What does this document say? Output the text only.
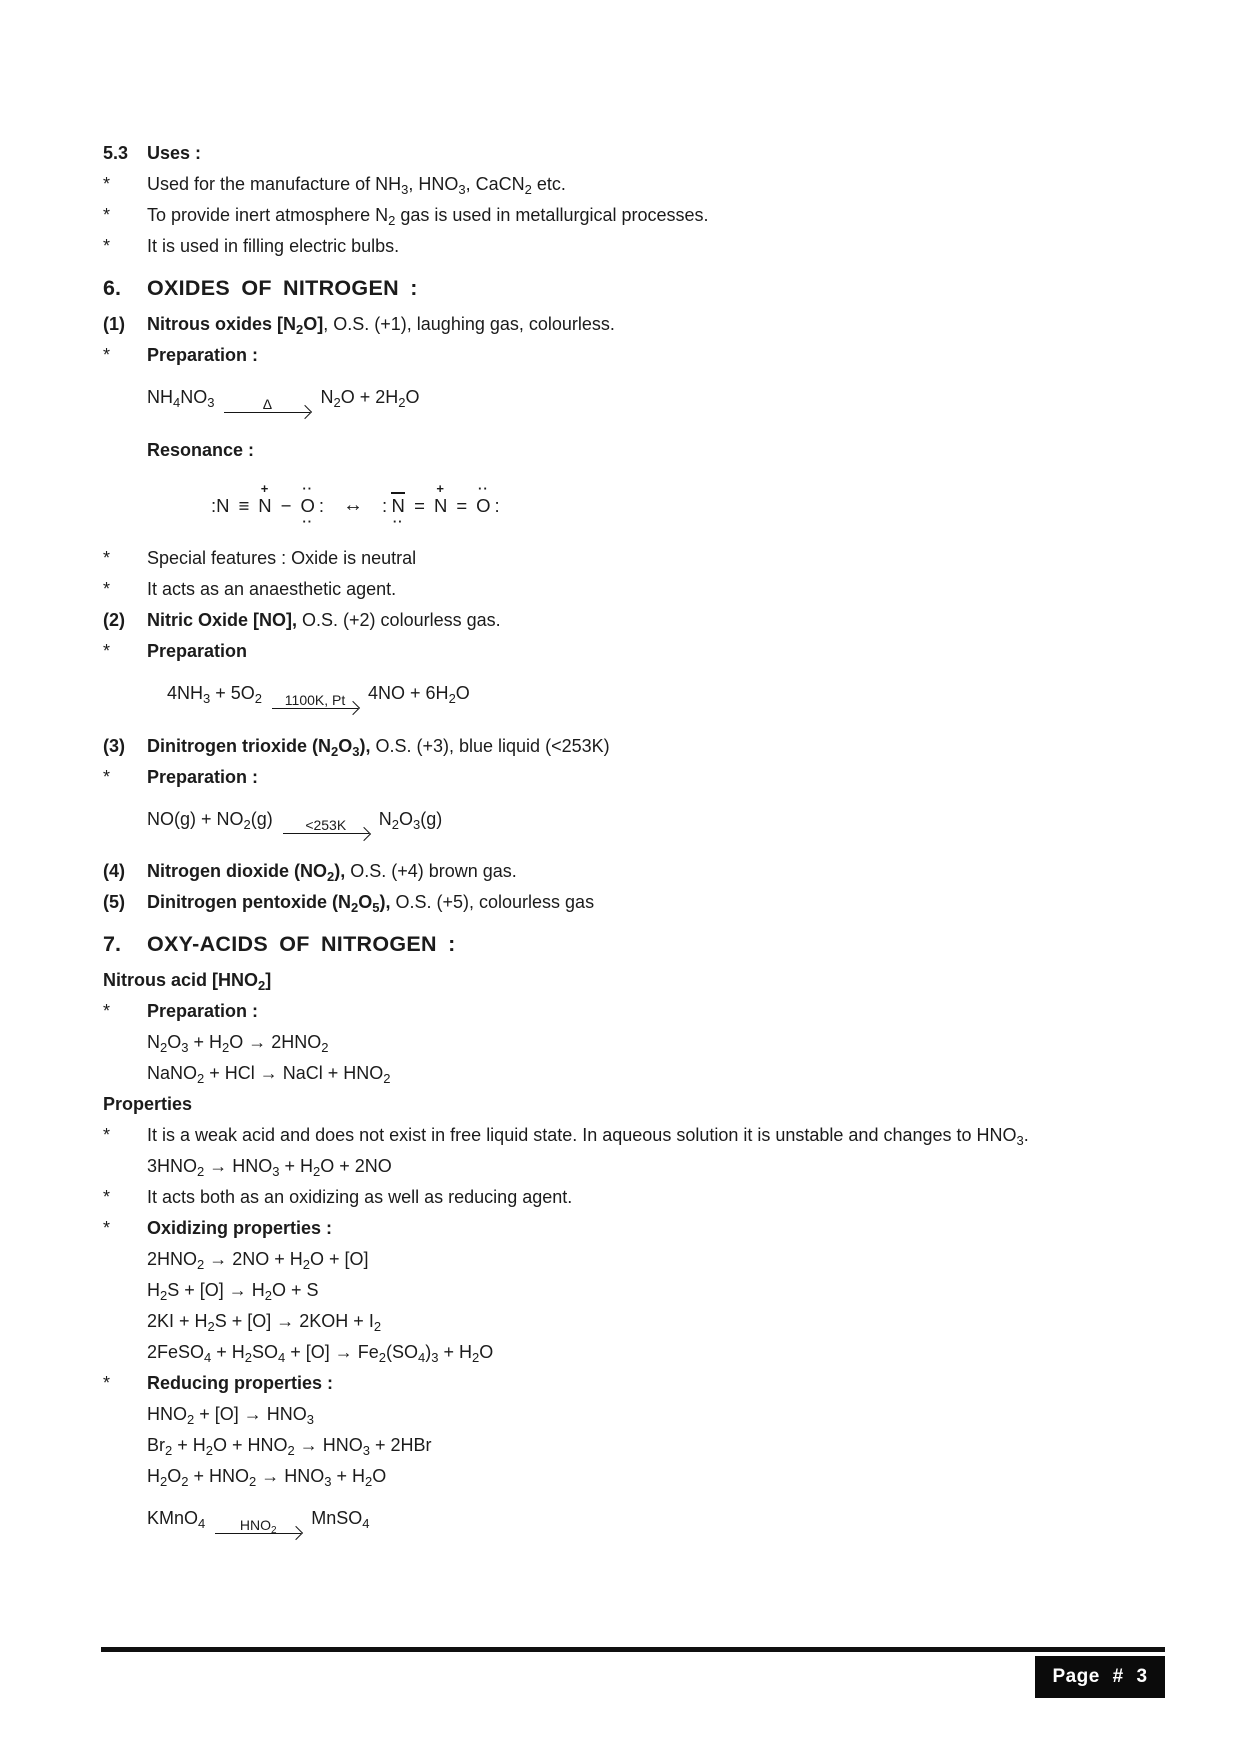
5.3	Uses :
*	Used for the manufacture of $NH_3$, $HNO_3$, CaCN$_2$ etc.
*	To provide inert atmosphere $N_2$ gas is used in metallurgical processes.
*	It is used in filling electric bulbs.
6.	OXIDES OF NITROGEN :
(1)	Nitrous oxides $[N_2O]$, O.S. (+1), laughing gas, colourless.
*	Preparation :
$NH_4NO_3$	Δ	$N_2O + 2H_2O$
Resonance :

:N

≡

+
N

−

··
O
··

:

↔

	:
N
··

=

+
N

=

··
O

:

*	Special features : Oxide is neutral
*	It acts as an anaesthetic agent.
(2)	Nitric Oxide [NO], O.S. (+2) colourless gas.
*	Preparation
$4NH_3 + 5O_2$	1100K, Pt	$4NO + 6H_2O$
(3)	Dinitrogen trioxide $(N_2O_3)$, O.S. (+3), blue liquid (<253K)
*	Preparation :
$NO(g) + NO_2(g)$	<253K	$N_2O_3(g)$
(4)	Nitrogen dioxide $(NO_2)$, O.S. (+4) brown gas.
(5)	Dinitrogen pentoxide $(N_2O_5)$, O.S. (+5), colourless gas
7.	OXY-ACIDS OF NITROGEN :
Nitrous acid $[HNO_2]$
*	Preparation :
$N_2O_3 + H_2O \to 2HNO_2$
NaNO$_2$ + HCl → NaCl + $HNO_2$
Properties
*	It is a weak acid and does not exist in free liquid state. In aqueous solution it is unstable and changes to $HNO_3$.
$3HNO_2 \to HNO_3 + H_2O + 2NO$
*	It acts both as an oxidizing as well as reducing agent.
*	Oxidizing properties :
$2HNO_2 \to 2NO + H_2O + [O]$
$H_2S + [O] \to H_2O + S$
$2KI + H_2S + [O] \to 2KOH + I_2$
2FeSO$_4$ + $H_2SO_4 + [O] \to Fe_2(SO_4)_3 + H_2O$
*	Reducing properties :
$HNO_2 + [O] \to HNO_3$
$Br_2 + H_2O + HNO_2 \to HNO_3 + 2HBr$
$H_2O_2 + HNO_2 \to HNO_3 + H_2O$
KMnO$_4$	$HNO_2$
MnSO$_4$
Page # 3
